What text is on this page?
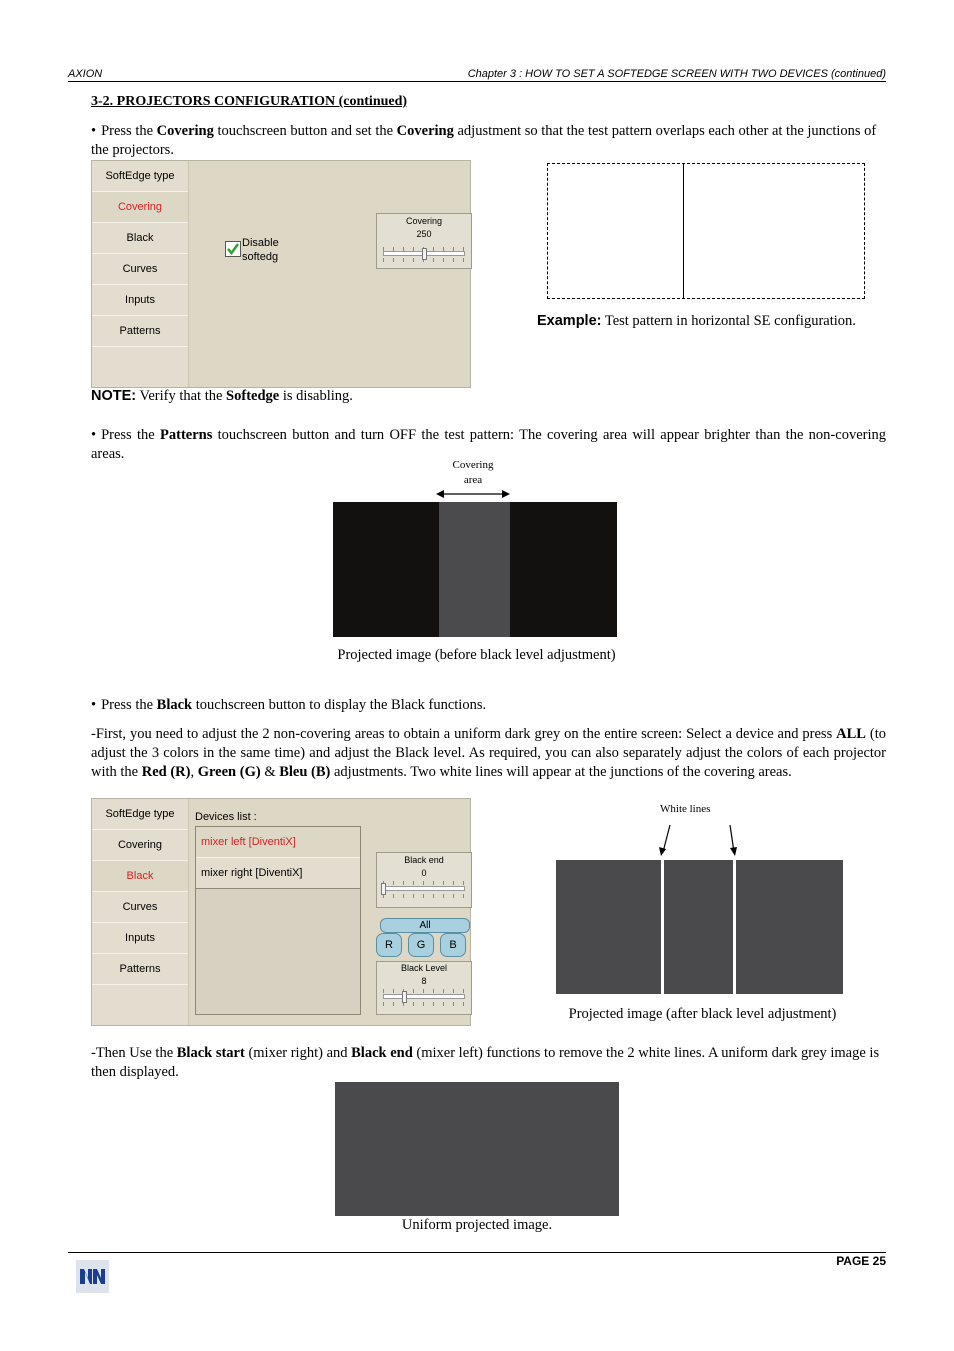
AXION	Chapter 3 : HOW TO SET A SOFTEDGE SCREEN WITH TWO DEVICES (continued)
3-2. PROJECTORS CONFIGURATION (continued)
• Press the Covering touchscreen button and set the Covering adjustment so that the test pattern overlaps each other at the junctions of the projectors.
SoftEdge type
Covering
Black
Curves
Inputs
Patterns
Disable
softedg
Covering
250
Example: Test pattern in horizontal SE configuration.
NOTE: Verify that the Softedge is disabling.
• Press the Patterns touchscreen button and turn OFF the test pattern: The covering area will appear brighter than the non-covering areas.
Covering
area
Projected image (before black level adjustment)
• Press the Black touchscreen button to display the Black functions.
-First, you need to adjust the 2 non-covering areas to obtain a uniform dark grey on the entire screen: Select a device and press ALL (to adjust the 3 colors in the same time) and adjust the Black level. As required, you can also separately adjust the colors of each projector with the Red (R), Green (G) & Bleu (B) adjustments. Two white lines will appear at the junctions of the covering areas.
SoftEdge type
Covering
Black
Curves
Inputs
Patterns
Devices list :
mixer left [DiventiX]
mixer right [DiventiX]
Black end
0
All
R	G	B
Black Level
8
White lines
Projected image (after black level adjustment)
-Then Use the Black start (mixer right) and Black end (mixer left) functions to remove the 2 white lines. A uniform dark grey image is then displayed.
Uniform projected image.
PAGE 25
